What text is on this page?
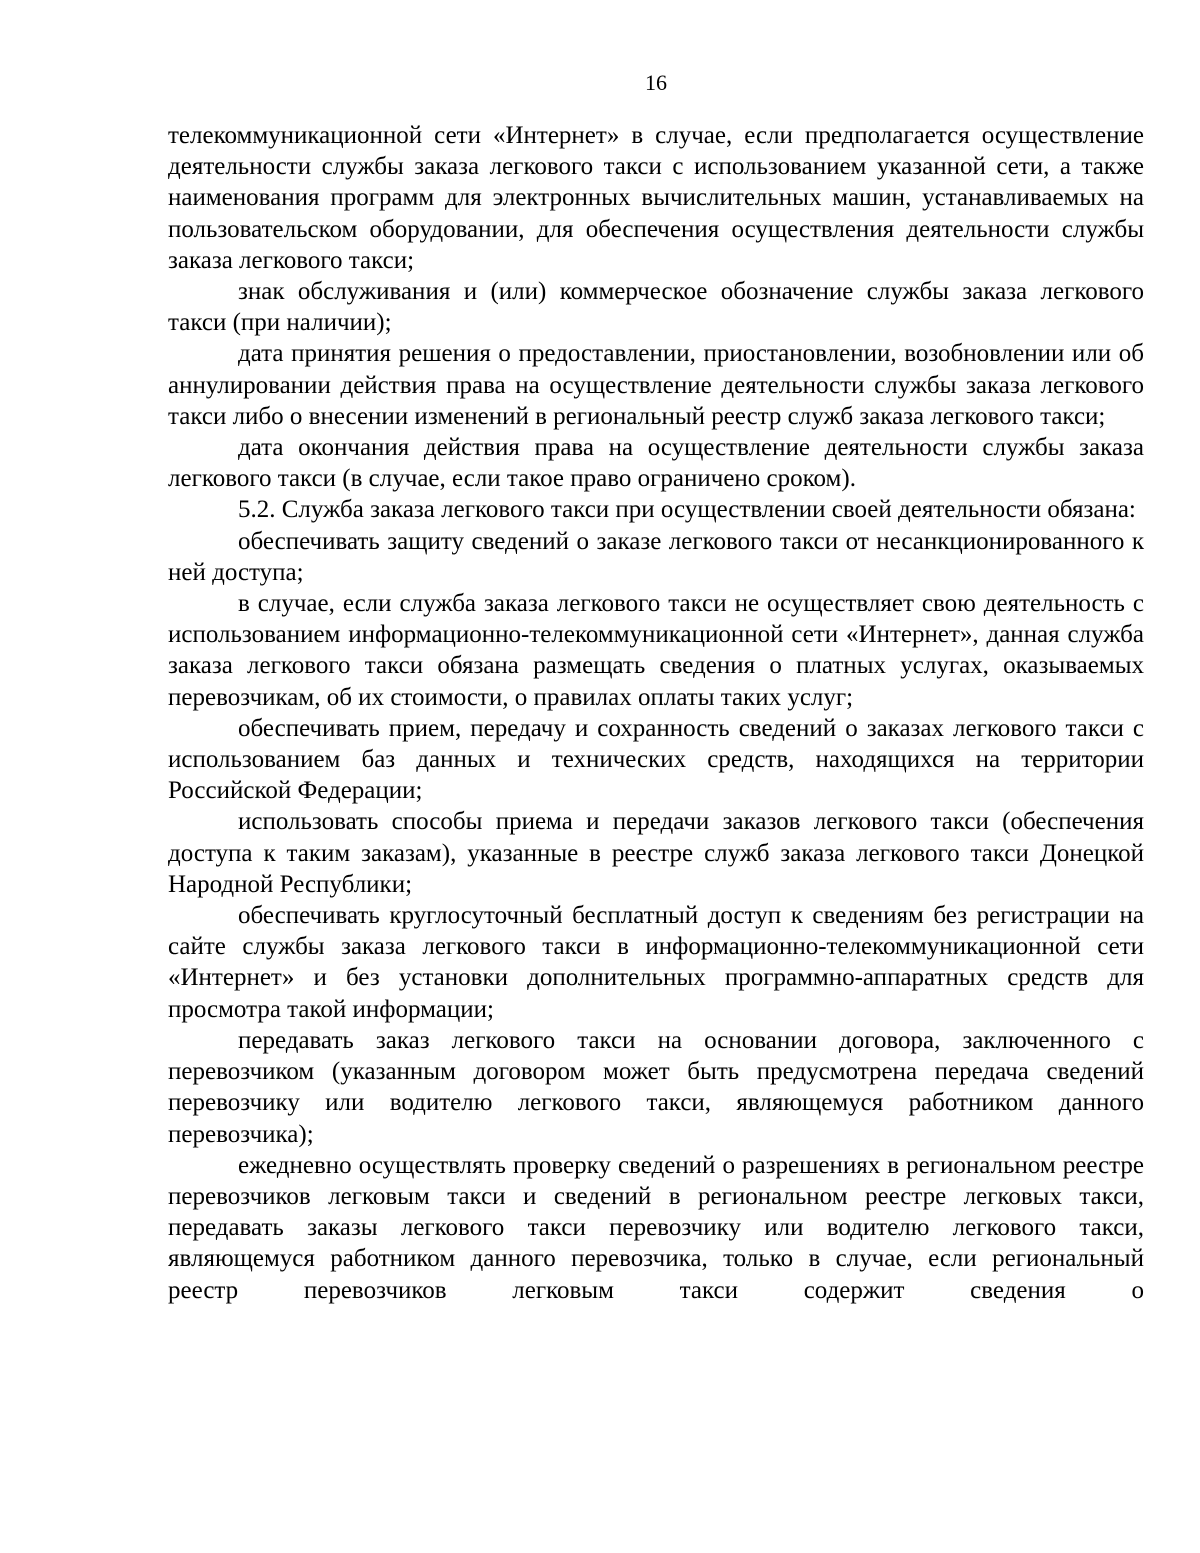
16

телекоммуникационной сети «Интернет» в случае, если предполагается осуществление деятельности службы заказа легкового такси с использованием указанной сети, а также наименования программ для электронных вычислительных машин, устанавливаемых на пользовательском оборудовании, для обеспечения осуществления деятельности службы заказа легкового такси;

знак обслуживания и (или) коммерческое обозначение службы заказа легкового такси (при наличии);

дата принятия решения о предоставлении, приостановлении, возобновлении или об аннулировании действия права на осуществление деятельности службы заказа легкового такси либо о внесении изменений в региональный реестр служб заказа легкового такси;

дата окончания действия права на осуществление деятельности службы заказа легкового такси (в случае, если такое право ограничено сроком).

5.2. Служба заказа легкового такси при осуществлении своей деятельности обязана:

обеспечивать защиту сведений о заказе легкового такси от несанкционированного к ней доступа;

в случае, если служба заказа легкового такси не осуществляет свою деятельность с использованием информационно-телекоммуникационной сети «Интернет», данная служба заказа легкового такси обязана размещать сведения о платных услугах, оказываемых перевозчикам, об их стоимости, о правилах оплаты таких услуг;

обеспечивать прием, передачу и сохранность сведений о заказах легкового такси с использованием баз данных и технических средств, находящихся на территории Российской Федерации;

использовать способы приема и передачи заказов легкового такси (обеспечения доступа к таким заказам), указанные в реестре служб заказа легкового такси Донецкой Народной Республики;

обеспечивать круглосуточный бесплатный доступ к сведениям без регистрации на сайте службы заказа легкового такси в информационно-телекоммуникационной сети «Интернет» и без установки дополнительных программно-аппаратных средств для просмотра такой информации;

передавать заказ легкового такси на основании договора, заключенного с перевозчиком (указанным договором может быть предусмотрена передача сведений перевозчику или водителю легкового такси, являющемуся работником данного перевозчика);

ежедневно осуществлять проверку сведений о разрешениях в региональном реестре перевозчиков легковым такси и сведений в региональном реестре легковых такси, передавать заказы легкового такси перевозчику или водителю легкового такси, являющемуся работником данного перевозчика, только в случае, если региональный реестр перевозчиков легковым такси содержит сведения о
